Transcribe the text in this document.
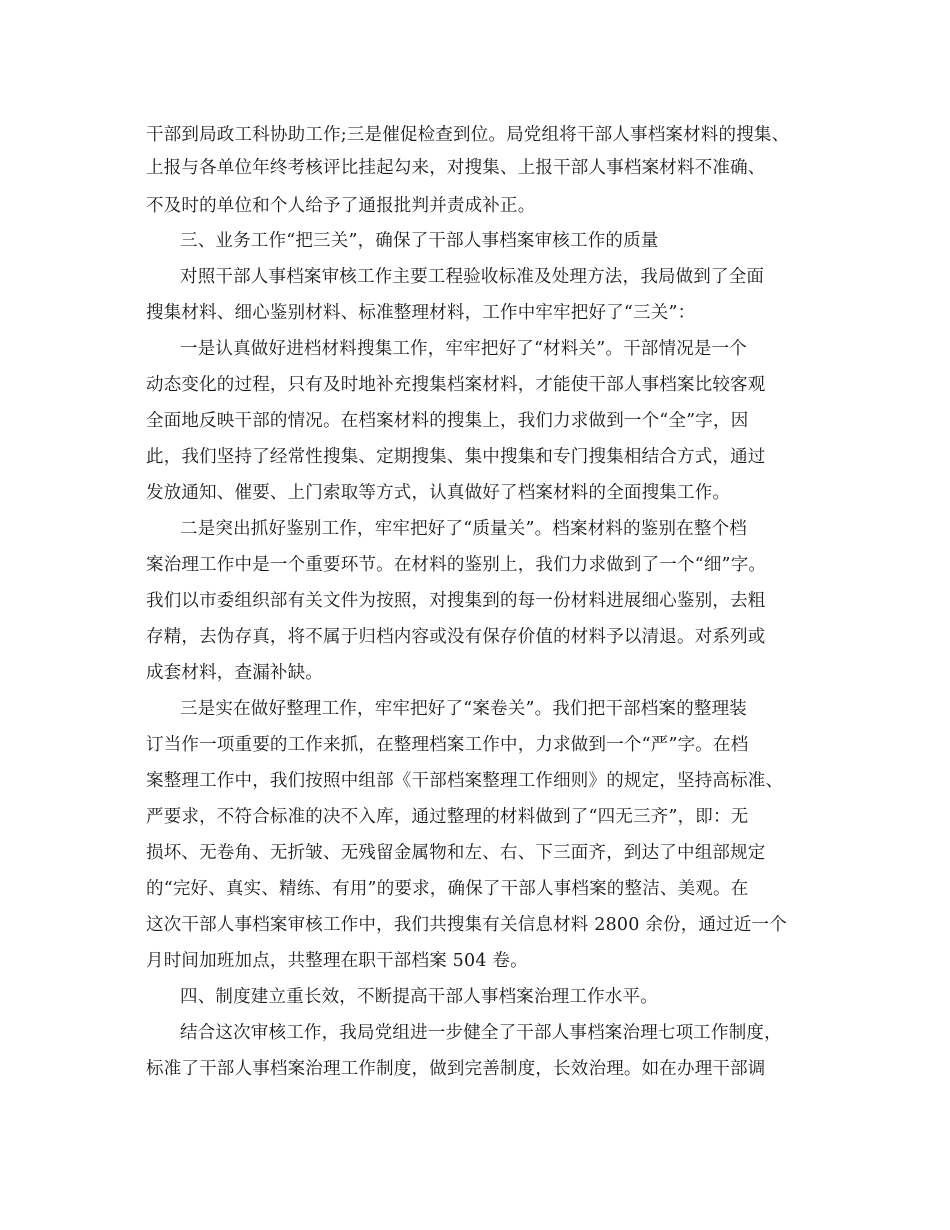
干部到局政工科协助工作;三是催促检查到位。局党组将干部人事档案材料的搜集、
上报与各单位年终考核评比挂起勾来，对搜集、上报干部人事档案材料不准确、
不及时的单位和个人给予了通报批判并责成补正。
三、业务工作“把三关”，确保了干部人事档案审核工作的质量
对照干部人事档案审核工作主要工程验收标准及处理方法，我局做到了全面
搜集材料、细心鉴别材料、标准整理材料，工作中牢牢把好了“三关”：
一是认真做好进档材料搜集工作，牢牢把好了“材料关”。干部情况是一个
动态变化的过程，只有及时地补充搜集档案材料，才能使干部人事档案比较客观
全面地反映干部的情况。在档案材料的搜集上，我们力求做到一个“全”字，因
此，我们坚持了经常性搜集、定期搜集、集中搜集和专门搜集相结合方式，通过
发放通知、催要、上门索取等方式，认真做好了档案材料的全面搜集工作。
二是突出抓好鉴别工作，牢牢把好了“质量关”。档案材料的鉴别在整个档
案治理工作中是一个重要环节。在材料的鉴别上，我们力求做到了一个“细”字。
我们以市委组织部有关文件为按照，对搜集到的每一份材料进展细心鉴别，去粗
存精，去伪存真，将不属于归档内容或没有保存价值的材料予以清退。对系列或
成套材料，查漏补缺。
三是实在做好整理工作，牢牢把好了“案卷关”。我们把干部档案的整理装
订当作一项重要的工作来抓，在整理档案工作中，力求做到一个“严”字。在档
案整理工作中，我们按照中组部《干部档案整理工作细则》的规定，坚持高标准、
严要求，不符合标准的决不入库，通过整理的材料做到了“四无三齐”，即：无
损坏、无卷角、无折皱、无残留金属物和左、右、下三面齐，到达了中组部规定
的“完好、真实、精练、有用”的要求，确保了干部人事档案的整洁、美观。在
这次干部人事档案审核工作中，我们共搜集有关信息材料 2800 余份，通过近一个
月时间加班加点，共整理在职干部档案 504 卷。
四、制度建立重长效，不断提高干部人事档案治理工作水平。
结合这次审核工作，我局党组进一步健全了干部人事档案治理七项工作制度，
标准了干部人事档案治理工作制度，做到完善制度，长效治理。如在办理干部调
